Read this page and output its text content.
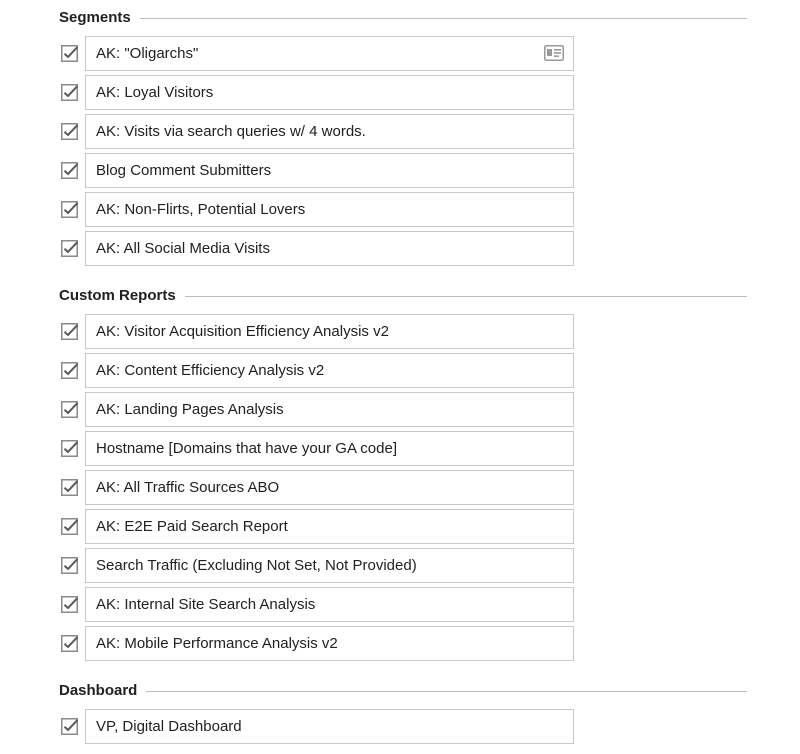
Segments
AK: "Oligarchs"
AK: Loyal Visitors
AK: Visits via search queries w/ 4 words.
Blog Comment Submitters
AK: Non-Flirts, Potential Lovers
AK: All Social Media Visits
Custom Reports
AK: Visitor Acquisition Efficiency Analysis v2
AK: Content Efficiency Analysis v2
AK: Landing Pages Analysis
Hostname [Domains that have your GA code]
AK: All Traffic Sources ABO
AK: E2E Paid Search Report
Search Traffic (Excluding Not Set, Not Provided)
AK: Internal Site Search Analysis
AK: Mobile Performance Analysis v2
Dashboard
VP, Digital Dashboard
